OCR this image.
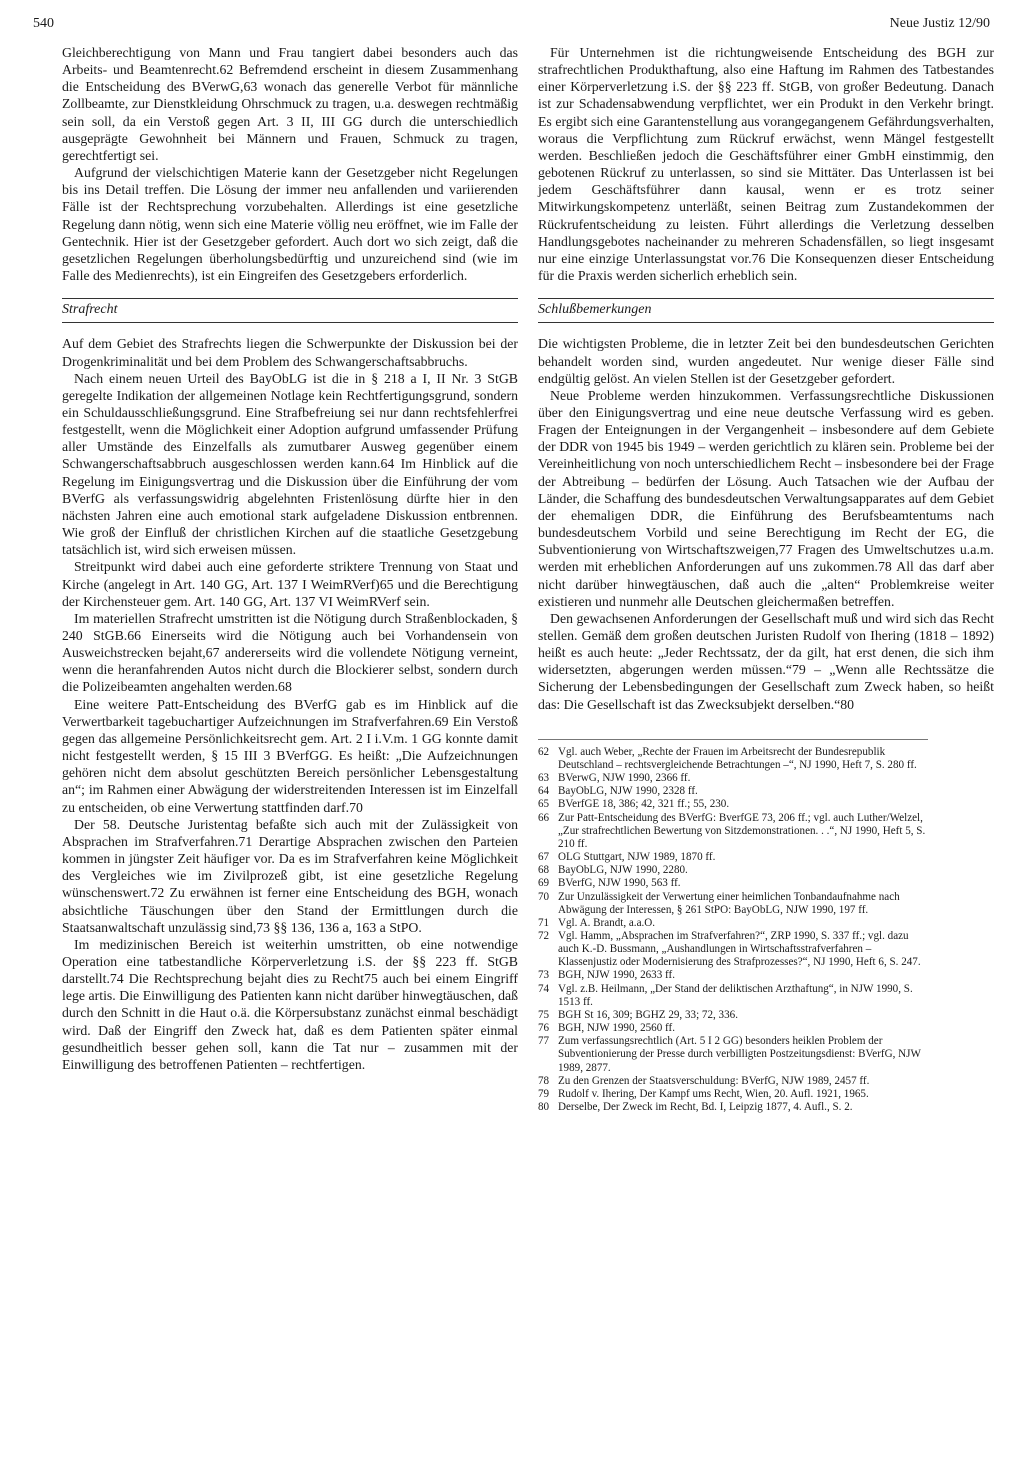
540	Neue Justiz 12/90

Gleichberechtigung von Mann und Frau tangiert dabei besonders auch das Arbeits- und Beamtenrecht.62 Befremdend erscheint in diesem Zusammenhang die Entscheidung des BVerwG,63 wonach das generelle Verbot für männliche Zollbeamte, zur Dienstkleidung Ohrschmuck zu tragen, u.a. deswegen rechtmäßig sein soll, da ein Verstoß gegen Art. 3 II, III GG durch die unterschiedlich ausgeprägte Gewohnheit bei Männern und Frauen, Schmuck zu tragen, gerechtfertigt sei.

Aufgrund der vielschichtigen Materie kann der Gesetzgeber nicht Regelungen bis ins Detail treffen. Die Lösung der immer neu anfallenden und variierenden Fälle ist der Rechtsprechung vorzubehalten. Allerdings ist eine gesetzliche Regelung dann nötig, wenn sich eine Materie völlig neu eröffnet, wie im Falle der Gentechnik. Hier ist der Gesetzgeber gefordert. Auch dort wo sich zeigt, daß die gesetzlichen Regelungen überholungsbedürftig und unzureichend sind (wie im Falle des Medienrechts), ist ein Eingreifen des Gesetzgebers erforderlich.

Strafrecht

Auf dem Gebiet des Strafrechts liegen die Schwerpunkte der Diskussion bei der Drogenkriminalität und bei dem Problem des Schwangerschaftsabbruchs.

Nach einem neuen Urteil des BayObLG ist die in § 218 a I, II Nr. 3 StGB geregelte Indikation der allgemeinen Notlage kein Rechtfertigungsgrund, sondern ein Schuldausschließungsgrund. Eine Strafbefreiung sei nur dann rechtsfehlerfrei festgestellt, wenn die Möglichkeit einer Adoption aufgrund umfassender Prüfung aller Umstände des Einzelfalls als zumutbarer Ausweg gegenüber einem Schwangerschaftsabbruch ausgeschlossen werden kann.64 Im Hinblick auf die Regelung im Einigungsvertrag und die Diskussion über die Einführung der vom BVerfG als verfassungswidrig abgelehnten Fristenlösung dürfte hier in den nächsten Jahren eine auch emotional stark aufgeladene Diskussion entbrennen. Wie groß der Einfluß der christlichen Kirchen auf die staatliche Gesetzgebung tatsächlich ist, wird sich erweisen müssen.

Streitpunkt wird dabei auch eine geforderte striktere Trennung von Staat und Kirche (angelegt in Art. 140 GG, Art. 137 I WeimRVerf)65 und die Berechtigung der Kirchensteuer gem. Art. 140 GG, Art. 137 VI WeimRVerf sein.

Im materiellen Strafrecht umstritten ist die Nötigung durch Straßenblockaden, § 240 StGB.66 Einerseits wird die Nötigung auch bei Vorhandensein von Ausweichstrecken bejaht,67 andererseits wird die vollendete Nötigung verneint, wenn die heranfahrenden Autos nicht durch die Blockierer selbst, sondern durch die Polizeibeamten angehalten werden.68

Eine weitere Patt-Entscheidung des BVerfG gab es im Hinblick auf die Verwertbarkeit tagebuchartiger Aufzeichnungen im Strafverfahren.69 Ein Verstoß gegen das allgemeine Persönlichkeitsrecht gem. Art. 2 I i.V.m. 1 GG konnte damit nicht festgestellt werden, § 15 III 3 BVerfGG. Es heißt: „Die Aufzeichnungen gehören nicht dem absolut geschützten Bereich persönlicher Lebensgestaltung an“; im Rahmen einer Abwägung der widerstreitenden Interessen ist im Einzelfall zu entscheiden, ob eine Verwertung stattfinden darf.70

Der 58. Deutsche Juristentag befaßte sich auch mit der Zulässigkeit von Absprachen im Strafverfahren.71 Derartige Absprachen zwischen den Parteien kommen in jüngster Zeit häufiger vor. Da es im Strafverfahren keine Möglichkeit des Vergleiches wie im Zivilprozeß gibt, ist eine gesetzliche Regelung wünschenswert.72 Zu erwähnen ist ferner eine Entscheidung des BGH, wonach absichtliche Täuschungen über den Stand der Ermittlungen durch die Staatsanwaltschaft unzulässig sind,73 §§ 136, 136 a, 163 a StPO.

Im medizinischen Bereich ist weiterhin umstritten, ob eine notwendige Operation eine tatbestandliche Körperverletzung i.S. der §§ 223 ff. StGB darstellt.74 Die Rechtsprechung bejaht dies zu Recht75 auch bei einem Eingriff lege artis. Die Einwilligung des Patienten kann nicht darüber hinwegtäuschen, daß durch den Schnitt in die Haut o.ä. die Körpersubstanz zunächst einmal beschädigt wird. Daß der Eingriff den Zweck hat, daß es dem Patienten später einmal gesundheitlich besser gehen soll, kann die Tat nur – zusammen mit der Einwilligung des betroffenen Patienten – rechtfertigen.

Für Unternehmen ist die richtungweisende Entscheidung des BGH zur strafrechtlichen Produkthaftung, also eine Haftung im Rahmen des Tatbestandes einer Körperverletzung i.S. der §§ 223 ff. StGB, von großer Bedeutung. Danach ist zur Schadensabwendung verpflichtet, wer ein Produkt in den Verkehr bringt. Es ergibt sich eine Garantenstellung aus vorangegangenem Gefährdungsverhalten, woraus die Verpflichtung zum Rückruf erwächst, wenn Mängel festgestellt werden. Beschließen jedoch die Geschäftsführer einer GmbH einstimmig, den gebotenen Rückruf zu unterlassen, so sind sie Mittäter. Das Unterlassen ist bei jedem Geschäftsführer dann kausal, wenn er es trotz seiner Mitwirkungskompetenz unterläßt, seinen Beitrag zum Zustandekommen der Rückrufentscheidung zu leisten. Führt allerdings die Verletzung desselben Handlungsgebotes nacheinander zu mehreren Schadensfällen, so liegt insgesamt nur eine einzige Unterlassungstat vor.76 Die Konsequenzen dieser Entscheidung für die Praxis werden sicherlich erheblich sein.

Schlußbemerkungen

Die wichtigsten Probleme, die in letzter Zeit bei den bundesdeutschen Gerichten behandelt worden sind, wurden angedeutet. Nur wenige dieser Fälle sind endgültig gelöst. An vielen Stellen ist der Gesetzgeber gefordert.

Neue Probleme werden hinzukommen. Verfassungsrechtliche Diskussionen über den Einigungsvertrag und eine neue deutsche Verfassung wird es geben. Fragen der Enteignungen in der Vergangenheit – insbesondere auf dem Gebiete der DDR von 1945 bis 1949 – werden gerichtlich zu klären sein. Probleme bei der Vereinheitlichung von noch unterschiedlichem Recht – insbesondere bei der Frage der Abtreibung – bedürfen der Lösung. Auch Tatsachen wie der Aufbau der Länder, die Schaffung des bundesdeutschen Verwaltungsapparates auf dem Gebiet der ehemaligen DDR, die Einführung des Berufsbeamtentums nach bundesdeutschem Vorbild und seine Berechtigung im Recht der EG, die Subventionierung von Wirtschaftszweigen,77 Fragen des Umweltschutzes u.a.m. werden mit erheblichen Anforderungen auf uns zukommen.78 All das darf aber nicht darüber hinwegtäuschen, daß auch die „alten“ Problemkreise weiter existieren und nunmehr alle Deutschen gleichermaßen betreffen.

Den gewachsenen Anforderungen der Gesellschaft muß und wird sich das Recht stellen. Gemäß dem großen deutschen Juristen Rudolf von Ihering (1818 – 1892) heißt es auch heute: „Jeder Rechtssatz, der da gilt, hat erst denen, die sich ihm widersetzten, abgerungen werden müssen.“79 – „Wenn alle Rechtssätze die Sicherung der Lebensbedingungen der Gesellschaft zum Zweck haben, so heißt das: Die Gesellschaft ist das Zwecksubjekt derselben.“80

62 Vgl. auch Weber, „Rechte der Frauen im Arbeitsrecht der Bundesrepublik Deutschland – rechtsvergleichende Betrachtungen –“, NJ 1990, Heft 7, S. 280 ff.
63 BVerwG, NJW 1990, 2366 ff.
64 BayObLG, NJW 1990, 2328 ff.
65 BVerfGE 18, 386; 42, 321 ff.; 55, 230.
66 Zur Patt-Entscheidung des BVerfG: BverfGE 73, 206 ff.; vgl. auch Luther/Welzel, „Zur strafrechtlichen Bewertung von Sitzdemonstrationen. . .“, NJ 1990, Heft 5, S. 210 ff.
67 OLG Stuttgart, NJW 1989, 1870 ff.
68 BayObLG, NJW 1990, 2280.
69 BVerfG, NJW 1990, 563 ff.
70 Zur Unzulässigkeit der Verwertung einer heimlichen Tonbandaufnahme nach Abwägung der Interessen, § 261 StPO: BayObLG, NJW 1990, 197 ff.
71 Vgl. A. Brandt, a.a.O.
72 Vgl. Hamm, „Absprachen im Strafverfahren?“, ZRP 1990, S. 337 ff.; vgl. dazu auch K.-D. Bussmann, „Aushandlungen in Wirtschaftsstrafverfahren – Klassenjustiz oder Modernisierung des Strafprozesses?“, NJ 1990, Heft 6, S. 247.
73 BGH, NJW 1990, 2633 ff.
74 Vgl. z.B. Heilmann, „Der Stand der deliktischen Arzthaftung“, in NJW 1990, S. 1513 ff.
75 BGH St 16, 309; BGHZ 29, 33; 72, 336.
76 BGH, NJW 1990, 2560 ff.
77 Zum verfassungsrechtlich (Art. 5 I 2 GG) besonders heiklen Problem der Subventionierung der Presse durch verbilligten Postzeitungsdienst: BVerfG, NJW 1989, 2877.
78 Zu den Grenzen der Staatsverschuldung: BVerfG, NJW 1989, 2457 ff.
79 Rudolf v. Ihering, Der Kampf ums Recht, Wien, 20. Aufl. 1921, 1965.
80 Derselbe, Der Zweck im Recht, Bd. I, Leipzig 1877, 4. Aufl., S. 2.
